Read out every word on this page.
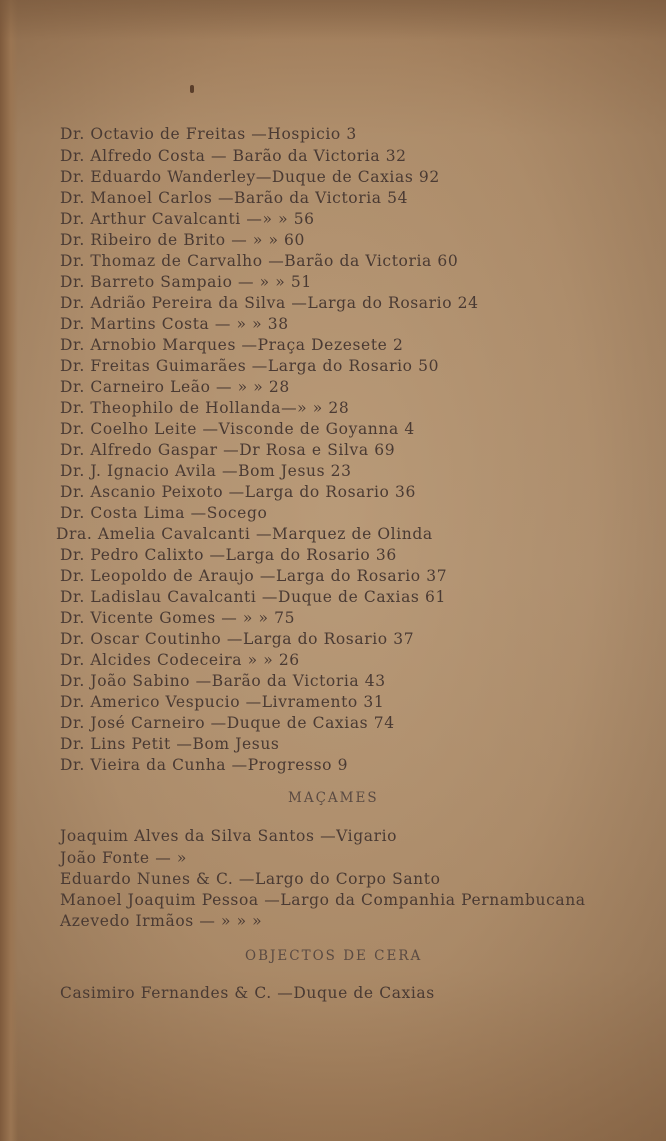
Dr. Octavio de Freitas —Hospicio 3
Dr. Alfredo Costa — Barão da Victoria 32
Dr. Eduardo Wanderley—Duque de Caxias 92
Dr. Manoel Carlos —Barão da Victoria 54
Dr. Arthur Cavalcanti —» » 56
Dr. Ribeiro de Brito — » » 60
Dr. Thomaz de Carvalho —Barão da Victoria 60
Dr. Barreto Sampaio — » » 51
Dr. Adrião Pereira da Silva —Larga do Rosario 24
Dr. Martins Costa — » » 38
Dr. Arnobio Marques —Praça Dezesete 2
Dr. Freitas Guimarães —Larga do Rosario 50
Dr. Carneiro Leão — » » 28
Dr. Theophilo de Hollanda—» » 28
Dr. Coelho Leite —Visconde de Goyanna 4
Dr. Alfredo Gaspar —Dr Rosa e Silva 69
Dr. J. Ignacio Avila —Bom Jesus 23
Dr. Ascanio Peixoto —Larga do Rosario 36
Dr. Costa Lima —Socego
Dra. Amelia Cavalcanti —Marquez de Olinda
Dr. Pedro Calixto —Larga do Rosario 36
Dr. Leopoldo de Araujo —Larga do Rosario 37
Dr. Ladislau Cavalcanti —Duque de Caxias 61
Dr. Vicente Gomes — » » 75
Dr. Oscar Coutinho —Larga do Rosario 37
Dr. Alcides Codeceira » » 26
Dr. João Sabino —Barão da Victoria 43
Dr. Americo Vespucio —Livramento 31
Dr. José Carneiro —Duque de Caxias 74
Dr. Lins Petit —Bom Jesus
Dr. Vieira da Cunha —Progresso 9
MAÇAMES
Joaquim Alves da Silva Santos —Vigario
João Fonte — »
Eduardo Nunes & C. —Largo do Corpo Santo
Manoel Joaquim Pessoa —Largo da Companhia Pernambucana
Azevedo Irmãos — » » »
OBJECTOS DE CERA
Casimiro Fernandes & C. —Duque de Caxias
